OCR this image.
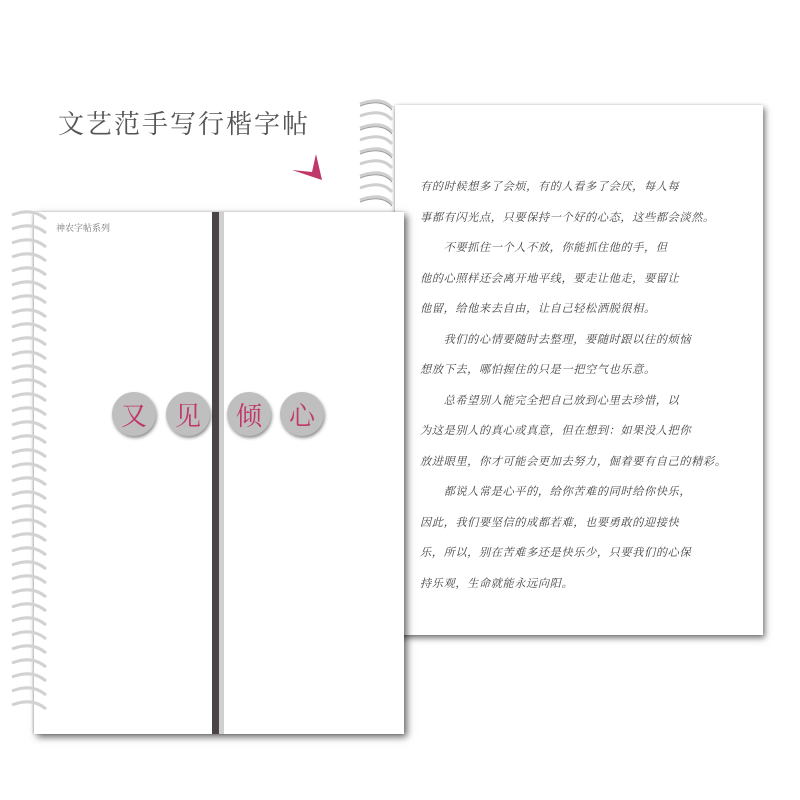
文艺范手写行楷字帖

有的时候想多了会烦，有的人看多了会厌，每人每

事都有闪光点，只要保持一个好的心态，这些都会淡然。

　　不要抓住一个人不放，你能抓住他的手，但

他的心照样还会离开地平线，要走让他走，要留让

他留，给他来去自由，让自己轻松洒脱很相。

　　我们的心情要随时去整理，要随时跟以往的烦恼

想放下去，哪怕握住的只是一把空气也乐意。

　　总希望别人能完全把自己放到心里去珍惜，以

为这是别人的真心或真意，但在想到：如果没人把你

放进眼里，你才可能会更加去努力，倔着要有自己的精彩。

　　都说人常是心平的，给你苦难的同时给你快乐，

因此，我们要坚信的成都若难，也要勇敢的迎接快

乐，所以，别在苦难多还是快乐少，只要我们的心保

持乐观，生命就能永远向阳。

神农字帖系列
又	见	倾	心
